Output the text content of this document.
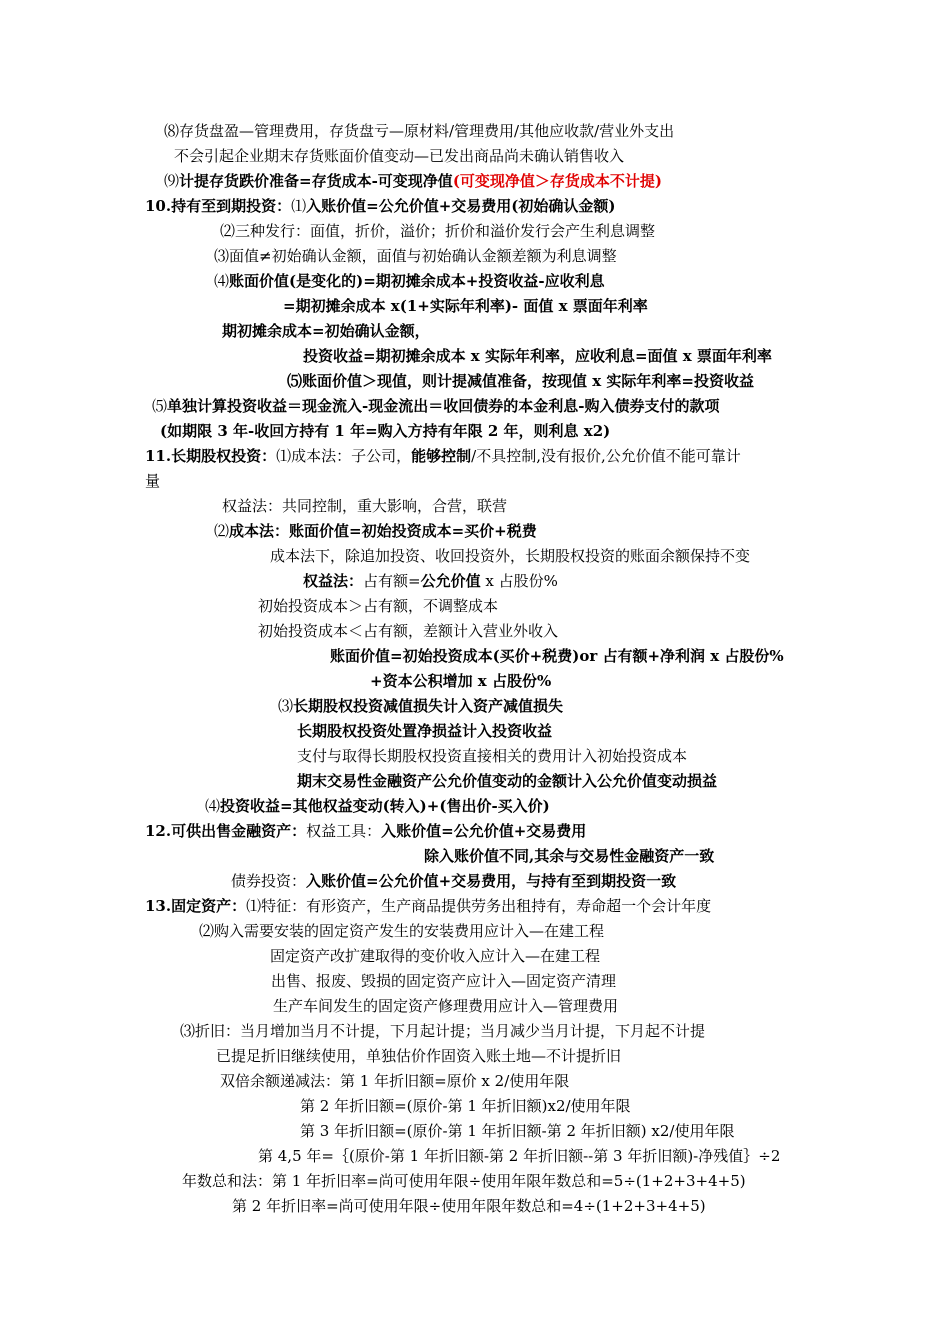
⑻存货盘盈—管理费用，存货盘亏—原材料/管理费用/其他应收款/营业外支出
不会引起企业期末存货账面价值变动—已发出商品尚未确认销售收入
⑼计提存货跌价准备=存货成本-可变现净值(可变现净值＞存货成本不计提)
10.持有至到期投资：⑴入账价值=公允价值+交易费用(初始确认金额)
⑵三种发行：面值，折价，溢价；折价和溢价发行会产生利息调整
⑶面值≠初始确认金额，面值与初始确认金额差额为利息调整
⑷账面价值(是变化的)=期初摊余成本+投资收益-应收利息
=期初摊余成本 x(1+实际年利率)- 面值 x 票面年利率
期初摊余成本=初始确认金额，
投资收益=期初摊余成本 x 实际年利率，应收利息=面值 x 票面年利率
⑸账面价值＞现值，则计提减值准备，按现值 x 实际年利率=投资收益
⑸单独计算投资收益＝现金流入-现金流出＝收回债券的本金利息-购入债券支付的款项
(如期限 3 年-收回方持有 1 年=购入方持有年限 2 年，则利息 x2)
11.长期股权投资：⑴成本法：子公司，能够控制/不具控制,没有报价,公允价值不能可靠计
量
权益法：共同控制，重大影响，合营，联营
⑵成本法：账面价值=初始投资成本=买价+税费
成本法下，除追加投资、收回投资外，长期股权投资的账面余额保持不变
权益法：占有额=公允价值 x 占股份%
初始投资成本＞占有额，不调整成本
初始投资成本＜占有额，差额计入营业外收入
账面价值=初始投资成本(买价+税费)or 占有额+净利润 x 占股份%
+资本公积增加 x 占股份%
⑶长期股权投资减值损失计入资产减值损失
长期股权投资处置净损益计入投资收益
支付与取得长期股权投资直接相关的费用计入初始投资成本
期末交易性金融资产公允价值变动的金额计入公允价值变动损益
⑷投资收益=其他权益变动(转入)+(售出价-买入价)
12.可供出售金融资产：权益工具：入账价值=公允价值+交易费用
除入账价值不同,其余与交易性金融资产一致
债券投资：入账价值=公允价值+交易费用，与持有至到期投资一致
13.固定资产：⑴特征：有形资产，生产商品提供劳务出租持有，寿命超一个会计年度
⑵购入需要安装的固定资产发生的安装费用应计入—在建工程
固定资产改扩建取得的变价收入应计入—在建工程
出售、报废、毁损的固定资产应计入—固定资产清理
生产车间发生的固定资产修理费用应计入—管理费用
⑶折旧：当月增加当月不计提，下月起计提；当月减少当月计提，下月起不计提
已提足折旧继续使用，单独估价作固资入账土地—不计提折旧
双倍余额递减法：第 1 年折旧额=原价 x 2/使用年限
第 2 年折旧额=(原价-第 1 年折旧额)x2/使用年限
第 3 年折旧额=(原价-第 1 年折旧额-第 2 年折旧额) x2/使用年限
第 4,5 年=｛(原价-第 1 年折旧额-第 2 年折旧额--第 3 年折旧额)-净残值｝÷2
年数总和法：第 1 年折旧率=尚可使用年限÷使用年限年数总和=5÷(1+2+3+4+5)
第 2 年折旧率=尚可使用年限÷使用年限年数总和=4÷(1+2+3+4+5)
